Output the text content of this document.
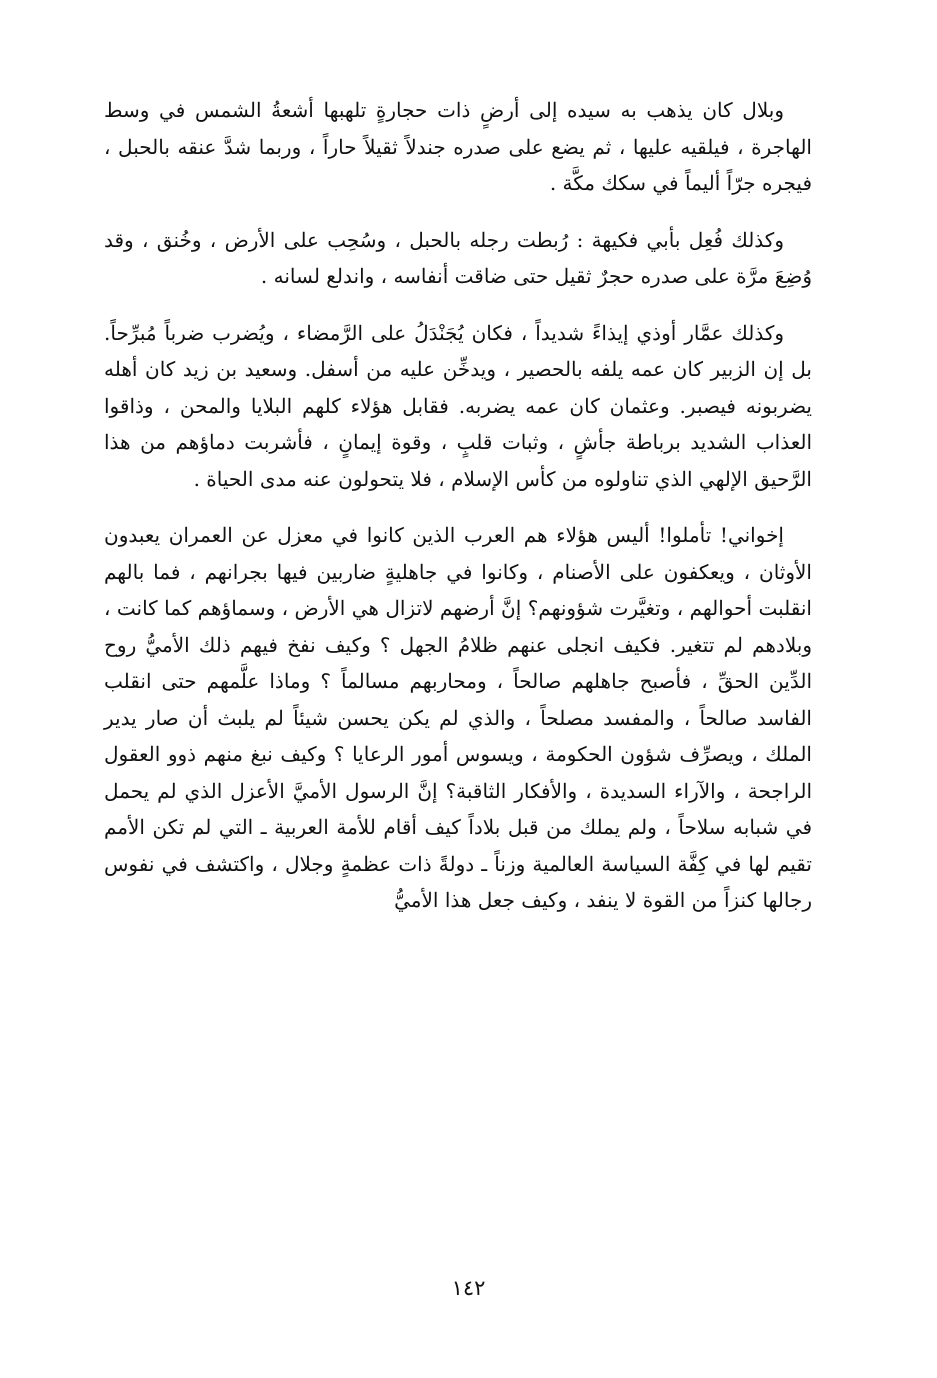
وبلال كان يذهب به سيده إلى أرضٍ ذات حجارةٍ تلهبها أشعةُ الشمس في وسط الهاجرة ، فيلقيه عليها ، ثم يضع على صدره جندلاً ثقيلاً حاراً ، وربما شدَّ عنقه بالحبل ، فيجره جرّاً أليماً في سكك مكَّة .

وكذلك فُعِل بأبي فكيهة : رُبطت رجله بالحبل ، وسُحِب على الأرض ، وخُنق ، وقد وُضِعَ مرَّة على صدره حجرٌ ثقيل حتى ضاقت أنفاسه ، واندلع لسانه .

وكذلك عمَّار أوذي إيذاءً شديداً ، فكان يُجَنْدَلُ على الرَّمضاء ، ويُضرب ضرباً مُبرِّحاً. بل إن الزبير كان عمه يلفه بالحصير ، ويدخِّن عليه من أسفل. وسعيد بن زيد كان أهله يضربونه فيصبر. وعثمان كان عمه يضربه. فقابل هؤلاء كلهم البلايا والمحن ، وذاقوا العذاب الشديد برباطة جأشٍ ، وثبات قلبٍ ، وقوة إيمانٍ ، فأشربت دماؤهم من هذا الرَّحيق الإلهي الذي تناولوه من كأس الإسلام ، فلا يتحولون عنه مدى الحياة .

إخواني! تأملوا! أليس هؤلاء هم العرب الذين كانوا في معزل عن العمران يعبدون الأوثان ، ويعكفون على الأصنام ، وكانوا في جاهليةٍ ضاربين فيها بجرانهم ، فما بالهم انقلبت أحوالهم ، وتغيَّرت شؤونهم؟ إنَّ أرضهم لاتزال هي الأرض ، وسماؤهم كما كانت ، وبلادهم لم تتغير. فكيف انجلى عنهم ظلامُ الجهل ؟ وكيف نفخ فيهم ذلك الأميُّ روح الدِّين الحقِّ ، فأصبح جاهلهم صالحاً ، ومحاربهم مسالماً ؟ وماذا علَّمهم حتى انقلب الفاسد صالحاً ، والمفسد مصلحاً ، والذي لم يكن يحسن شيئاً لم يلبث أن صار يدير الملك ، ويصرِّف شؤون الحكومة ، ويسوس أمور الرعايا ؟ وكيف نبغ منهم ذوو العقول الراجحة ، والآراء السديدة ، والأفكار الثاقبة؟ إنَّ الرسول الأميَّ الأعزل الذي لم يحمل في شبابه سلاحاً ، ولم يملك من قبل بلاداً كيف أقام للأمة العربية ـ التي لم تكن الأمم تقيم لها في كِفَّة السياسة العالمية وزناً ـ دولةً ذات عظمةٍ وجلال ، واكتشف في نفوس رجالها كنزاً من القوة لا ينفد ، وكيف جعل هذا الأميُّ

١٤٢
